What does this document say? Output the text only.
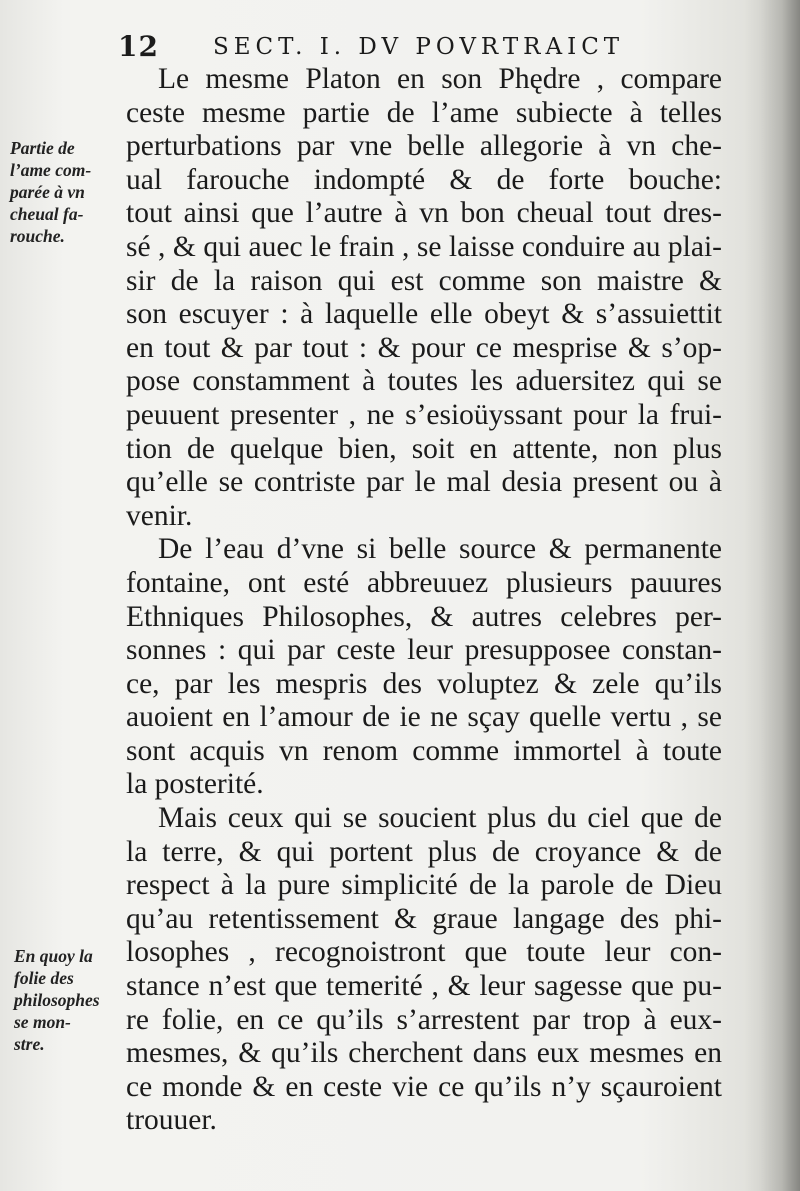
12 SECT. I. DV POVRTRAICT
Partie de
l’ame com-
parée à vn
cheual fa-
rouche.
En quoy la
folie des
philosophes
se mon-
stre.
Le mesme Platon en son Phędre , compare
ceste mesme partie de l’ame subiecte à telles
perturbations par vne belle allegorie à vn che-
ual farouche indompté & de forte bouche:
tout ainsi que l’autre à vn bon cheual tout dres-
sé , & qui auec le frain , se laisse conduire au plai-
sir de la raison qui est comme son maistre &
son escuyer : à laquelle elle obeyt & s’assuiettit
en tout & par tout : & pour ce mesprise & s’op-
pose constamment à toutes les aduersitez qui se
peuuent presenter , ne s’esioüyssant pour la frui-
tion de quelque bien, soit en attente, non plus
qu’elle se contriste par le mal desia present ou à
venir.
De l’eau d’vne si belle source & permanente
fontaine, ont esté abbreuuez plusieurs pauures
Ethniques Philosophes, & autres celebres per-
sonnes : qui par ceste leur presupposee constan-
ce, par les mespris des voluptez & zele qu’ils
auoient en l’amour de ie ne sçay quelle vertu , se
sont acquis vn renom comme immortel à toute
la posterité.
Mais ceux qui se soucient plus du ciel que de
la terre, & qui portent plus de croyance & de
respect à la pure simplicité de la parole de Dieu
qu’au retentissement & graue langage des phi-
losophes , recognoistront que toute leur con-
stance n’est que temerité , & leur sagesse que pu-
re folie, en ce qu’ils s’arrestent par trop à eux-
mesmes, & qu’ils cherchent dans eux mesmes en
ce monde & en ceste vie ce qu’ils n’y sçauroient
trouuer.
